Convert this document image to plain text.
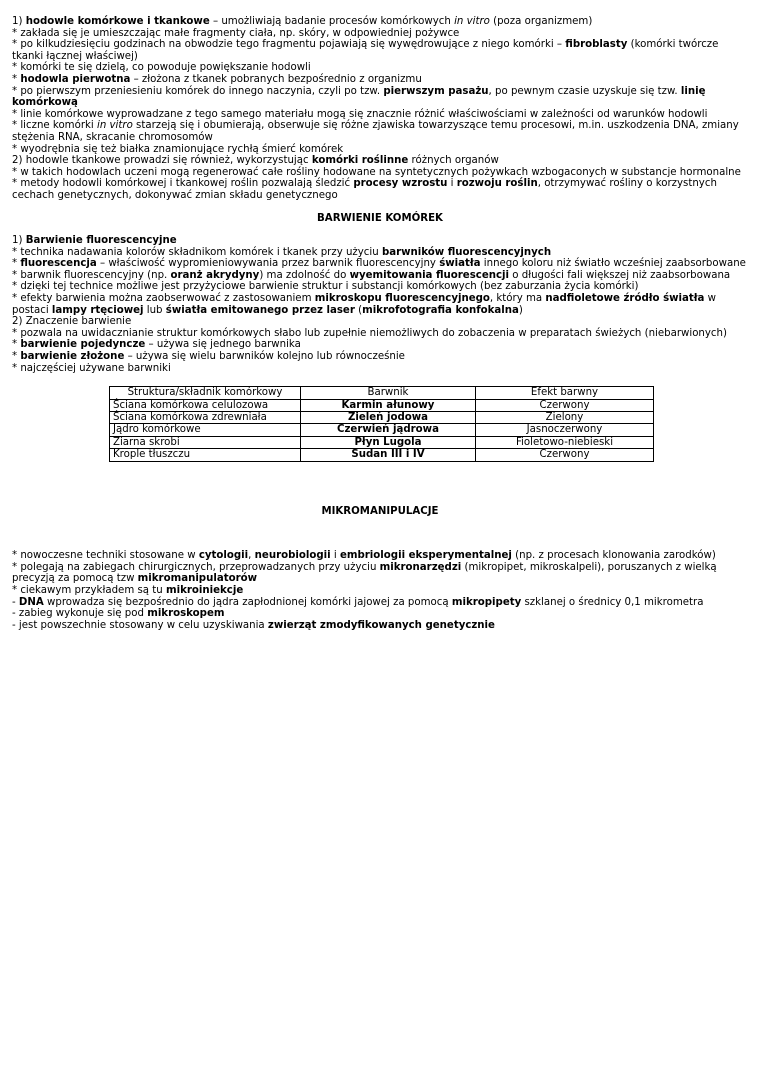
1) hodowle komórkowe i tkankowe – umożliwiają badanie procesów komórkowych in vitro (poza organizmem)
* zakłada się je umieszczając małe fragmenty ciała, np. skóry, w odpowiedniej pożywce
* po kilkudziesięciu godzinach na obwodzie tego fragmentu pojawiają się wywędrowujące z niego komórki – fibroblasty (komórki twórcze tkanki łącznej właściwej)
* komórki te się dzielą, co powoduje powiększanie hodowli
* hodowla pierwotna – złożona z tkanek pobranych bezpośrednio z organizmu
* po pierwszym przeniesieniu komórek do innego naczynia, czyli po tzw. pierwszym pasażu, po pewnym czasie uzyskuje się tzw. linię komórkową
* linie komórkowe wyprowadzane z tego samego materiału mogą się znacznie różnić właściwościami w zależności od warunków hodowli
* liczne komórki in vitro starzeją się i obumierają, obserwuje się różne zjawiska towarzyszące temu procesowi, m.in. uszkodzenia DNA, zmiany stężenia RNA, skracanie chromosomów
* wyodrębnia się też białka znamionujące rychłą śmierć komórek
2) hodowle tkankowe prowadzi się również, wykorzystując komórki roślinne różnych organów
* w takich hodowlach uczeni mogą regenerować całe rośliny hodowane na syntetycznych pożywkach wzbogaconych w substancje hormonalne
* metody hodowli komórkowej i tkankowej roślin pozwalają śledzić procesy wzrostu i rozwoju roślin, otrzymywać rośliny o korzystnych cechach genetycznych, dokonywać zmian składu genetycznego
BARWIENIE KOMÓREK
1) Barwienie fluorescencyjne
* technika nadawania kolorów składnikom komórek i tkanek przy użyciu barwników fluorescencyjnych
* fluorescencja – właściwość wypromieniowywania przez barwnik fluorescencyjny światła innego koloru niż światło wcześniej zaabsorbowane
* barwnik fluorescencyjny (np. oranż akrydyny) ma zdolność do wyemitowania fluorescencji o długości fali większej niż zaabsorbowana
* dzięki tej technice możliwe jest przyżyciowe barwienie struktur i substancji komórkowych (bez zaburzania życia komórki)
* efekty barwienia można zaobserwować z zastosowaniem mikroskopu fluorescencyjnego, który ma nadfioletowe źródło światła w postaci lampy rtęciowej lub światła emitowanego przez laser (mikrofotografia konfokalna)
2) Znaczenie barwienie
* pozwala na uwidacznianie struktur komórkowych słabo lub zupełnie niemożliwych do zobaczenia w preparatach świeżych (niebarwionych)
* barwienie pojedyncze – używa się jednego barwnika
* barwienie złożone – używa się wielu barwników kolejno lub równocześnie
* najczęściej używane barwniki
Struktura/składnik komórkowy	Barwnik	Efekt barwny
Ściana komórkowa celulozowa	Karmin ałunowy	Czerwony
Ściana komórkowa zdrewniała	Zieleń jodowa	Zielony
Jądro komórkowe	Czerwień jądrowa	Jasnoczerwony
Ziarna skrobi	Płyn Lugola	Fioletowo-niebieski
Krople tłuszczu	Sudan III i IV	Czerwony
MIKROMANIPULACJE
* nowoczesne techniki stosowane w cytologii, neurobiologii i embriologii eksperymentalnej (np. z procesach klonowania zarodków)
* polegają na zabiegach chirurgicznych, przeprowadzanych przy użyciu mikronarzędzi (mikropipet, mikroskalpeli), poruszanych z wielką precyzją za pomocą tzw mikromanipulatorów
* ciekawym przykładem są tu mikroiniekcje
- DNA wprowadza się bezpośrednio do jądra zapłodnionej komórki jajowej za pomocą mikropipety szklanej o średnicy 0,1 mikrometra
- zabieg wykonuje się pod mikroskopem
- jest powszechnie stosowany w celu uzyskiwania zwierząt zmodyfikowanych genetycznie
